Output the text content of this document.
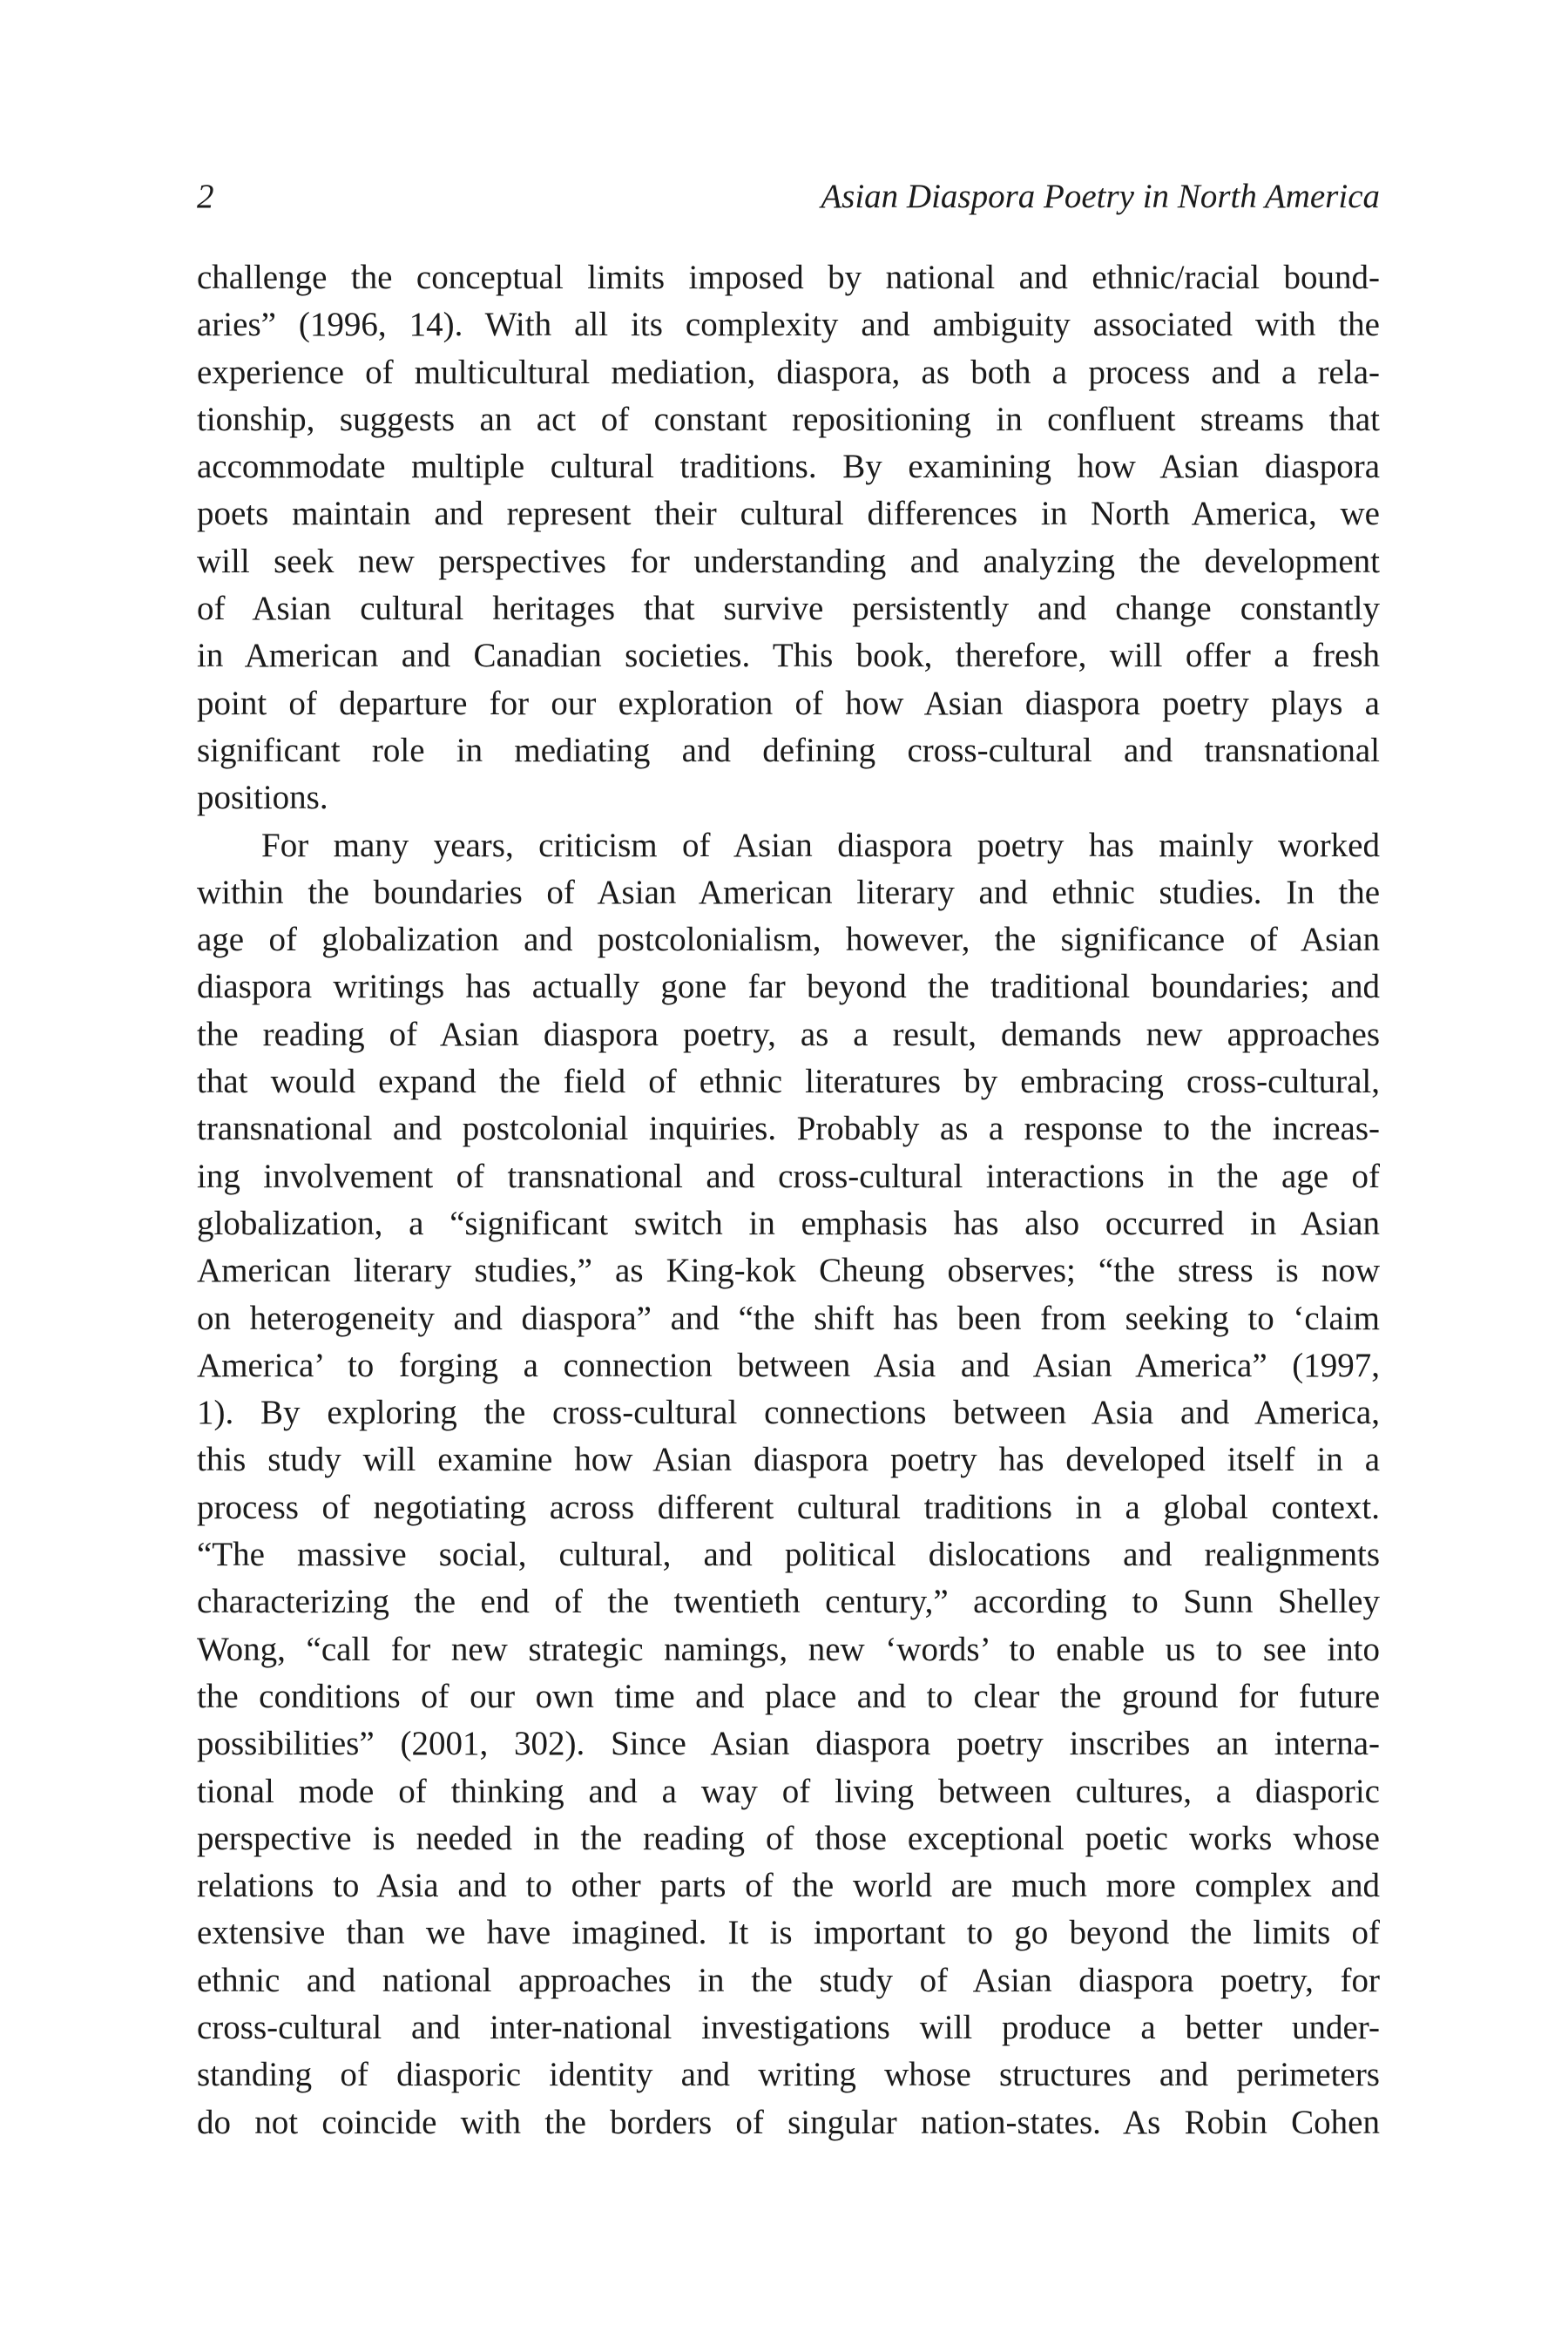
2	Asian Diaspora Poetry in North America
challenge the conceptual limits imposed by national and ethnic/racial bound-
aries” (1996, 14). With all its complexity and ambiguity associated with the
experience of multicultural mediation, diaspora, as both a process and a rela-
tionship, suggests an act of constant repositioning in confluent streams that
accommodate multiple cultural traditions. By examining how Asian diaspora
poets maintain and represent their cultural differences in North America, we
will seek new perspectives for understanding and analyzing the development
of Asian cultural heritages that survive persistently and change constantly
in American and Canadian societies. This book, therefore, will offer a fresh
point of departure for our exploration of how Asian diaspora poetry plays a
significant role in mediating and defining cross-cultural and transnational
positions.
For many years, criticism of Asian diaspora poetry has mainly worked
within the boundaries of Asian American literary and ethnic studies. In the
age of globalization and postcolonialism, however, the significance of Asian
diaspora writings has actually gone far beyond the traditional boundaries; and
the reading of Asian diaspora poetry, as a result, demands new approaches
that would expand the field of ethnic literatures by embracing cross-cultural,
transnational and postcolonial inquiries. Probably as a response to the increas-
ing involvement of transnational and cross-cultural interactions in the age of
globalization, a “significant switch in emphasis has also occurred in Asian
American literary studies,” as King-kok Cheung observes; “the stress is now
on heterogeneity and diaspora” and “the shift has been from seeking to ‘claim
America’ to forging a connection between Asia and Asian America” (1997,
1). By exploring the cross-cultural connections between Asia and America,
this study will examine how Asian diaspora poetry has developed itself in a
process of negotiating across different cultural traditions in a global context.
“The massive social, cultural, and political dislocations and realignments
characterizing the end of the twentieth century,” according to Sunn Shelley
Wong, “call for new strategic namings, new ‘words’ to enable us to see into
the conditions of our own time and place and to clear the ground for future
possibilities” (2001, 302). Since Asian diaspora poetry inscribes an interna-
tional mode of thinking and a way of living between cultures, a diasporic
perspective is needed in the reading of those exceptional poetic works whose
relations to Asia and to other parts of the world are much more complex and
extensive than we have imagined. It is important to go beyond the limits of
ethnic and national approaches in the study of Asian diaspora poetry, for
cross-cultural and inter-national investigations will produce a better under-
standing of diasporic identity and writing whose structures and perimeters
do not coincide with the borders of singular nation-states. As Robin Cohen
